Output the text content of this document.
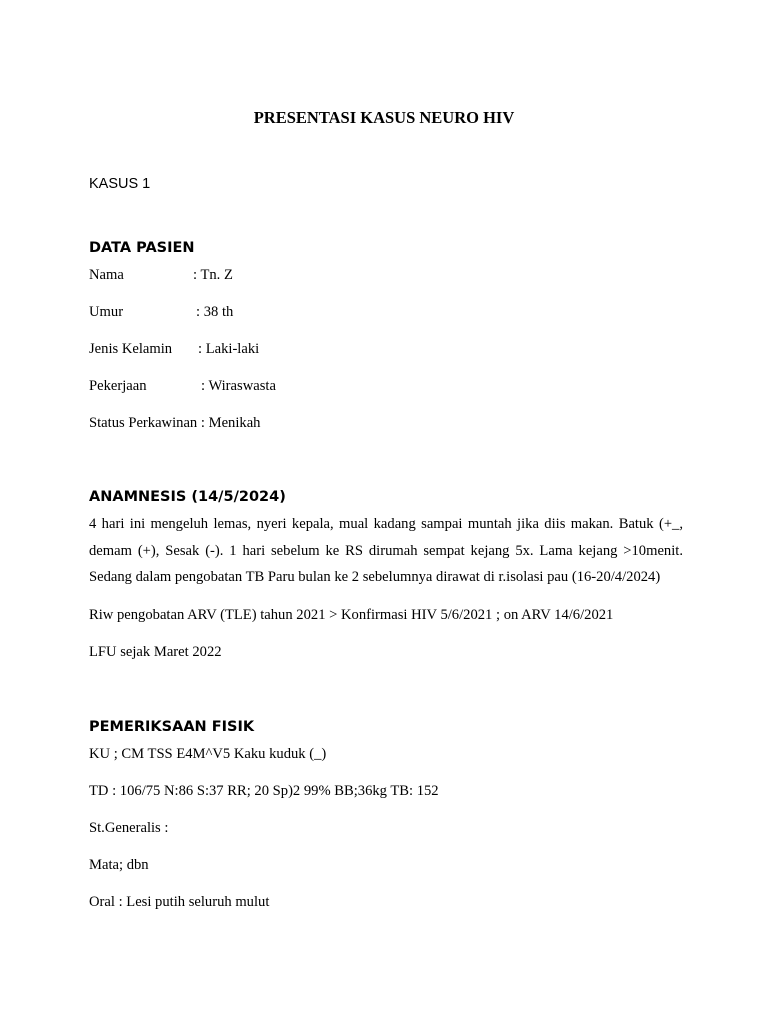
PRESENTASI KASUS NEURO HIV
KASUS 1
DATA PASIEN
Nama	: Tn. Z
Umur	: 38 th
Jenis Kelamin : Laki-laki
Pekerjaan	: Wiraswasta
Status Perkawinan : Menikah
ANAMNESIS (14/5/2024)
4 hari ini mengeluh lemas, nyeri kepala, mual kadang sampai muntah jika diis makan. Batuk (+_, demam (+), Sesak (-). 1 hari sebelum ke RS dirumah sempat kejang 5x. Lama kejang >10menit. Sedang dalam pengobatan TB Paru bulan ke 2 sebelumnya dirawat di r.isolasi pau (16-20/4/2024)
Riw pengobatan ARV (TLE) tahun 2021 > Konfirmasi HIV 5/6/2021 ; on ARV 14/6/2021
LFU sejak Maret 2022
PEMERIKSAAN FISIK
KU ; CM TSS E4M^V5 Kaku kuduk (_)
TD : 106/75 N:86 S:37 RR; 20 Sp)2 99% BB;36kg TB: 152
St.Generalis :
Mata; dbn
Oral : Lesi putih seluruh mulut
